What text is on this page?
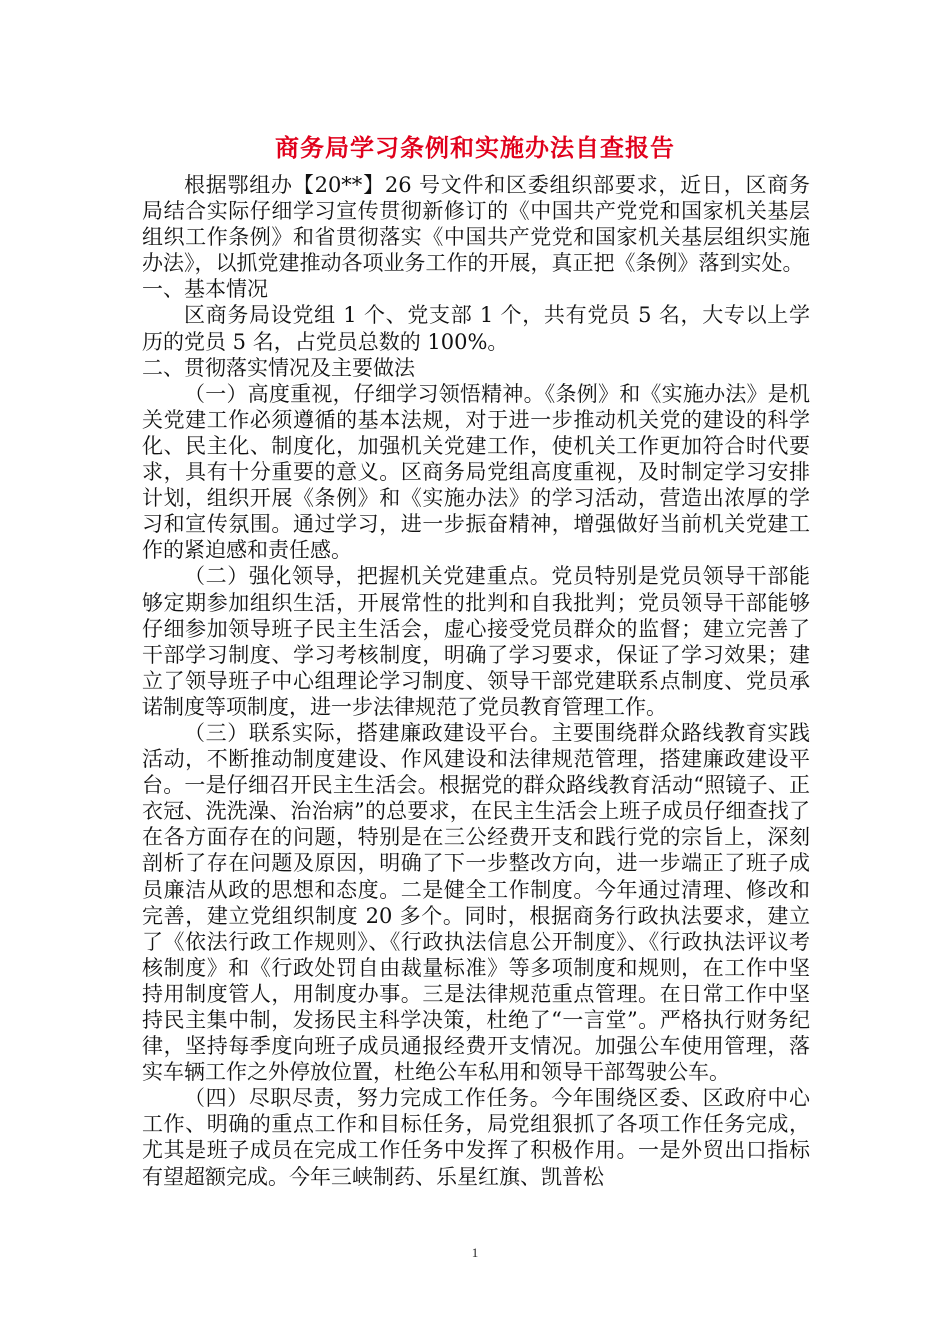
商务局学习条例和实施办法自查报告

根据鄂组办【20**】26 号文件和区委组织部要求，近日，区商务局结合实际仔细学习宣传贯彻新修订的《中国共产党党和国家机关基层组织工作条例》和省贯彻落实《中国共产党党和国家机关基层组织实施办法》，以抓党建推动各项业务工作的开展，真正把《条例》落到实处。

一、基本情况

区商务局设党组 1 个、党支部 1 个，共有党员 5 名，大专以上学历的党员 5 名，占党员总数的 100%。

二、贯彻落实情况及主要做法

（一）高度重视，仔细学习领悟精神。《条例》和《实施办法》是机关党建工作必须遵循的基本法规，对于进一步推动机关党的建设的科学化、民主化、制度化，加强机关党建工作，使机关工作更加符合时代要求，具有十分重要的意义。区商务局党组高度重视，及时制定学习安排计划，组织开展《条例》和《实施办法》的学习活动，营造出浓厚的学习和宣传氛围。通过学习，进一步振奋精神，增强做好当前机关党建工作的紧迫感和责任感。

（二）强化领导，把握机关党建重点。党员特别是党员领导干部能够定期参加组织生活，开展常性的批判和自我批判；党员领导干部能够仔细参加领导班子民主生活会，虚心接受党员群众的监督；建立完善了干部学习制度、学习考核制度，明确了学习要求，保证了学习效果；建立了领导班子中心组理论学习制度、领导干部党建联系点制度、党员承诺制度等项制度，进一步法律规范了党员教育管理工作。

（三）联系实际，搭建廉政建设平台。主要围绕群众路线教育实践活动，不断推动制度建设、作风建设和法律规范管理，搭建廉政建设平台。一是仔细召开民主生活会。根据党的群众路线教育活动“照镜子、正衣冠、洗洗澡、治治病”的总要求，在民主生活会上班子成员仔细查找了在各方面存在的问题，特别是在三公经费开支和践行党的宗旨上，深刻剖析了存在问题及原因，明确了下一步整改方向，进一步端正了班子成员廉洁从政的思想和态度。二是健全工作制度。今年通过清理、修改和完善，建立党组织制度 20 多个。同时，根据商务行政执法要求，建立了《依法行政工作规则》、《行政执法信息公开制度》、《行政执法评议考核制度》和《行政处罚自由裁量标准》等多项制度和规则，在工作中坚持用制度管人，用制度办事。三是法律规范重点管理。在日常工作中坚持民主集中制，发扬民主科学决策，杜绝了“一言堂”。严格执行财务纪律，坚持每季度向班子成员通报经费开支情况。加强公车使用管理，落实车辆工作之外停放位置，杜绝公车私用和领导干部驾驶公车。

（四）尽职尽责，努力完成工作任务。今年围绕区委、区政府中心工作、明确的重点工作和目标任务，局党组狠抓了各项工作任务完成，尤其是班子成员在完成工作任务中发挥了积极作用。一是外贸出口指标有望超额完成。今年三峡制药、乐星红旗、凯普松

1
